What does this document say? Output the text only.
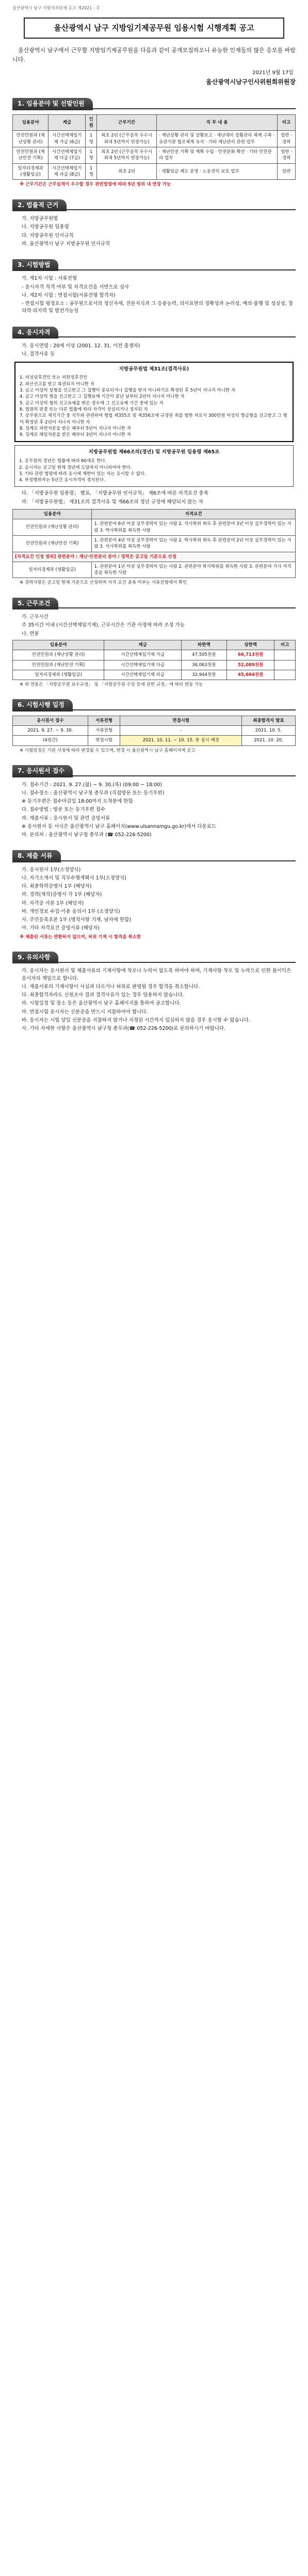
울산광역시 남구 지방자치단체 공고 제2021 - 호
울산광역시 남구 지방임기제공무원 임용시험 시행계획 공고

울산광역시 남구에서 근무할 지방임기제공무원을 다음과 같이 공개모집하오니 유능한 인재들의 많은 응모를 바랍니다.

2021년 9월 17일
울산광역시남구인사위원회위원장
1. 임용분야 및 선발인원
임용분야	계급	인원	근무기간	직 무 내 용	비고
안전민원과 (재난상황 관리)	시간선택제임기제 가급 (6급)	1명	최초 2년 (근무실적 우수시 최대 5년까지 연장가능)	· 재난상황 관리 및 상황보고 · 재난대비 상황관리 체계 구축 · 유관기관 협조체계 유지 · 기타 재난관리 관련 업무	일반 · 경력
안전민원과 (재난안전 기획)	시간선택제임기제 다급 (7급)	1명	최초 2년 (근무실적 우수시 최대 5년까지 연장가능)	· 재난안전 기획 및 계획 수립 · 안전문화 확산 · 기타 안전관리 업무	일반 · 경력
일자리경제과 (생활임금)	시간선택제임기제 라급 (8급)	1명	최초 2년	· 생활임금 제도 운영 · 노동권익 보호 업무	일반

※ 근무기간은 근무실적이 우수할 경우 관련법령에 따라 5년 범위 내 연장 가능

2. 법률적 근거

가. 지방공무원법

나. 지방공무원 임용령

다. 지방공무원 인사규칙

라. 울산광역시 남구 지방공무원 인사규칙

3. 시험방법

가. 제1차 시험 : 서류전형

- 응시자격 적격 여부 및 자격요건을 서면으로 심사

나. 제2차 시험 : 면접시험(서류전형 합격자)

- 면접시험 평정요소 : 공무원으로서의 정신자세, 전문지식과 그 응용능력, 의사표현의 정확성과 논리성, 예의·품행 및 성실성, 창의력·의지력 및 발전가능성

4. 응시자격

가. 응시연령 : 20세 이상 (2001. 12. 31. 이전 출생자)

나. 결격사유 등

지방공무원법 제31조(결격사유)

1. 피성년후견인 또는 피한정후견인

2. 파산선고를 받고 복권되지 아니한 자

3. 금고 이상의 실형을 선고받고 그 집행이 종료되거나 집행을 받지 아니하기로 확정된 후 5년이 지나지 아니한 자

4. 금고 이상의 형을 선고받고 그 집행유예 기간이 끝난 날부터 2년이 지나지 아니한 자

5. 금고 이상의 형의 선고유예를 받은 경우에 그 선고유예 기간 중에 있는 자

6. 법원의 판결 또는 다른 법률에 따라 자격이 상실되거나 정지된 자

7. 공무원으로 재직기간 중 직무와 관련하여 형법 제355조 및 제356조에 규정된 죄를 범한 자로서 300만원 이상의 벌금형을 선고받고 그 형이 확정된 후 2년이 지나지 아니한 자

8. 징계로 파면처분을 받은 때부터 5년이 지나지 아니한 자

9. 징계로 해임처분을 받은 때부터 3년이 지나지 아니한 자

지방공무원법 제66조의(정년) 및 지방공무원 임용령 제65조

1. 공무원의 정년은 법률에 따라 60세로 한다.

2. 응시자는 공고일 현재 정년에 도달하지 아니하여야 한다.

3. 기타 관련 법령에 따라 응시에 제한이 있는 자는 응시할 수 없다.

4. 부정행위자는 5년간 응시자격이 정지된다.

다. 「지방공무원 임용령」 별표, 「지방공무원 인사규칙」 제6조에 따른 자격요건 충족

라. 「지방공무원법」 제31조의 결격사유 및 제66조의 정년 규정에 해당되지 않는 자

임용분야	자격요건
안전민원과 (재난상황 관리)	1. 관련분야 6년 이상 실무경력이 있는 사람 2. 석사학위 취득 후 관련분야 3년 이상 실무경력이 있는 사람 3. 박사학위를 취득한 사람
안전민원과 (재난안전 기획)	1. 관련분야 4년 이상 실무경력이 있는 사람 2. 학사학위 취득 후 관련분야 2년 이상 실무경력이 있는 사람 3. 석사학위를 취득한 사람
[자격요건 인정 범위] 관련분야 : 재난·안전관리 분야 / 경력은 공고일 기준으로 산정	
일자리경제과 (생활임금)	1. 관련분야 1년 이상 실무경력이 있는 사람 2. 관련분야 학사학위를 취득한 사람 3. 관련분야 기사 자격증을 취득한 사람

※ 경력사항은 공고일 현재 기준으로 산정하며 자격 요건 충족 여부는 서류전형에서 확인

5. 근무조건

가. 근무시간

주 35시간 이내 (시간선택제임기제), 근무시간은 기관 사정에 따라 조정 가능

나. 연봉

임용분야	계급	하한액	상한액	비고
안전민원과 (재난상황 관리)	시간선택제임기제 가급	47,505천원	66,713천원	
안전민원과 (재난안전 기획)	시간선택제임기제 다급	36,063천원	52,089천원	
일자리경제과 (생활임금)	시간선택제임기제 라급	32,944천원	45,664천원	

※ 위 연봉은 「지방공무원 보수규정」 및 「지방공무원 수당 등에 관한 규정」에 따라 변동 가능

6. 시험시행 일정
응시원서 접수	서류전형	면접시험	최종합격자 발표
2021. 9. 27. ~ 9. 30.	서류전형	-	2021. 10. 5.
(4일간)	면접시험	2021. 10. 11. ~ 10. 15. 중 실시 예정	2021. 10. 20.

※ 시험일정은 기관 사정에 따라 변경될 수 있으며, 변경 시 울산광역시 남구 홈페이지에 공고

7. 응시원서 접수

가. 접수기간 : 2021. 9. 27.(월) ~ 9. 30.(목) (09:00 ~ 18:00)

나. 접수장소 : 울산광역시 남구청 총무과 (직접방문 또는 등기우편)

※ 등기우편은 접수마감일 18:00까지 도착분에 한함

다. 접수방법 : 방문 또는 등기우편 접수

라. 제출서류 : 응시원서 및 관련 증빙서류

※ 응시원서 등 서식은 울산광역시 남구 홈페이지(www.ulsannamgu.go.kr)에서 다운로드

마. 문의처 : 울산광역시 남구청 총무과 (☎ 052-226-5200)

8. 제출 서류

가. 응시원서 1부(소정양식)

나. 자기소개서 및 직무수행계획서 1부(소정양식)

다. 최종학력증명서 1부 (해당자)

라. 경력(재직)증명서 각 1부 (해당자)

마. 자격증 사본 1부 (해당자)

바. 개인정보 수집·이용 동의서 1부 (소정양식)

사. 주민등록초본 1부 (병적사항 기재, 남자에 한함)

아. 기타 자격요건 증빙서류 (해당자)

※ 제출된 서류는 반환하지 않으며, 허위 기재 시 합격을 취소함

9. 유의사항

가. 응시자는 응시원서 및 제출서류의 기재사항에 착오나 누락이 없도록 하여야 하며, 기재사항 착오 및 누락으로 인한 불이익은 응시자의 책임으로 합니다.

나. 제출서류의 기재사항이 사실과 다르거나 허위로 판명될 경우 합격을 취소합니다.

다. 최종합격자라도 신원조사 결과 결격사유가 있는 경우 임용하지 않습니다.

라. 시험일정 및 장소 등은 울산광역시 남구 홈페이지를 통하여 공고합니다.

마. 면접시험 응시자는 신분증을 반드시 지참하여야 합니다.

바. 응시자는 시험 당일 신분증을 지참하지 않거나 지정된 시간까지 입실하지 않을 경우 응시할 수 없습니다.

사. 기타 자세한 사항은 울산광역시 남구청 총무과(☎ 052-226-5200)로 문의하시기 바랍니다.
